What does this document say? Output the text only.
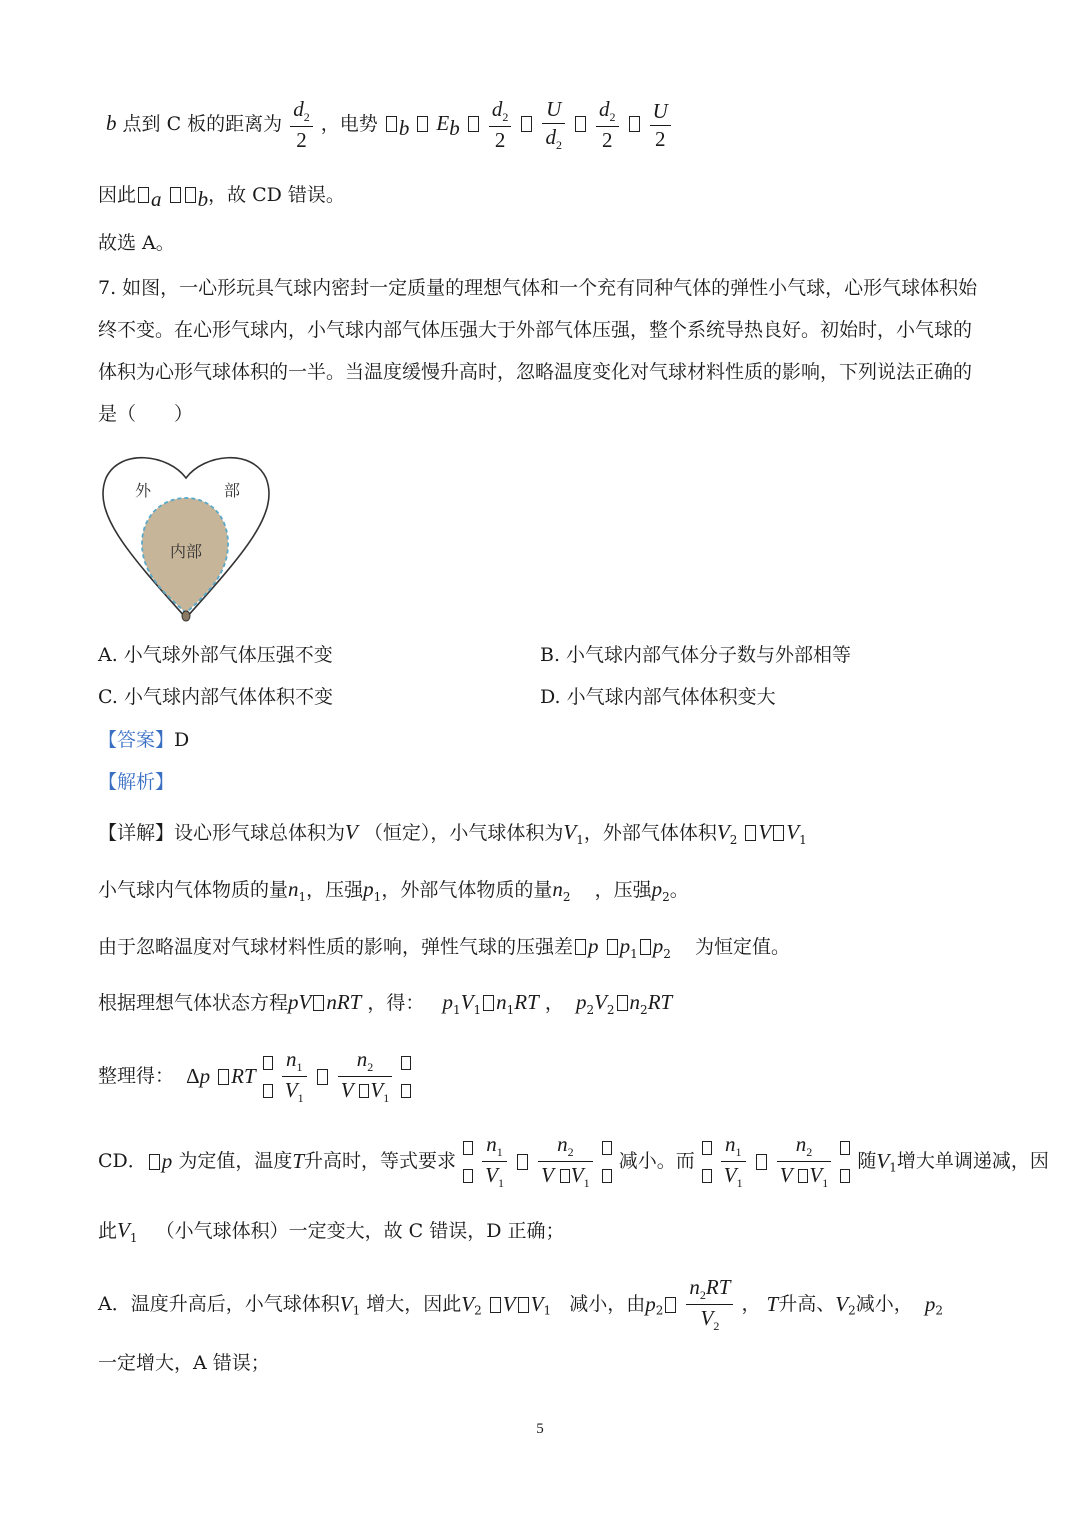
b 点到 C 板的距离为 $\frac{d_2}{2}$ ，电势 $_b$ $E_b \frac{d_2}{2}$
$\frac{U}{d_2}$
$\frac{d_2}{2}$
$\frac{U}{2}$
因此 $_a$ $_b$，故 CD 错误。
故选 A。
7. 如图，一心形玩具气球内密封一定质量的理想气体和一个充有同种气体的弹性小气球，心形气球体积始
终不变。在心形气球内，小气球内部气体压强大于外部气体压强，整个系统导热良好。初始时，小气球的
体积为心形气球体积的一半。当温度缓慢升高时，忽略温度变化对气球材料性质的影响，下列说法正确的
是（　　）
外	部
内部
A. 小气球外部气体压强不变	B. 小气球内部气体分子数与外部相等
C. 小气球内部气体体积不变	D. 小气球内部气体体积变大
【答案】D
【解析】
【详解】设心形气球总体积为V （恒定），小气球体积为$V_1$，外部气体体积$V_2$ V $V_1$
小气球内气体物质的量$n_1$，压强$p_1$，外部气体物质的量$n_2$ ，压强$p_2$。
由于忽略温度对气球材料性质的影响，弹性气球的压强差 p $p_1$ $p_2$ 为恒定值。
根据理想气体状态方程pV nRT ，得： $p_1V_1$ $n_1RT$ ，  $p_2V_2$ $n_2RT$
整理得： Δp RT
$\frac{n_1}{V_1}$
$\frac{n_2}{V V_1}$

CD． p 为定值，温度T升高时，等式要求
$\frac{n_1}{V_1}$
$\frac{n_2}{V V_1}$
减小。而
$\frac{n_1}{V_1}$
$\frac{n_2}{V V_1}$
随$V_1$增大单调递减，因
此$V_1$ （小气球体积）一定变大，故 C 错误，D 正确；
A．温度升高后，小气球体积$V_1$ 增大，因此$V_2$ V $V_1$ 减小，由$p_2 \frac{n_2RT}{V_2}$ ， T升高、$V_2$减小， $p_2$
一定增大，A 错误；
5
